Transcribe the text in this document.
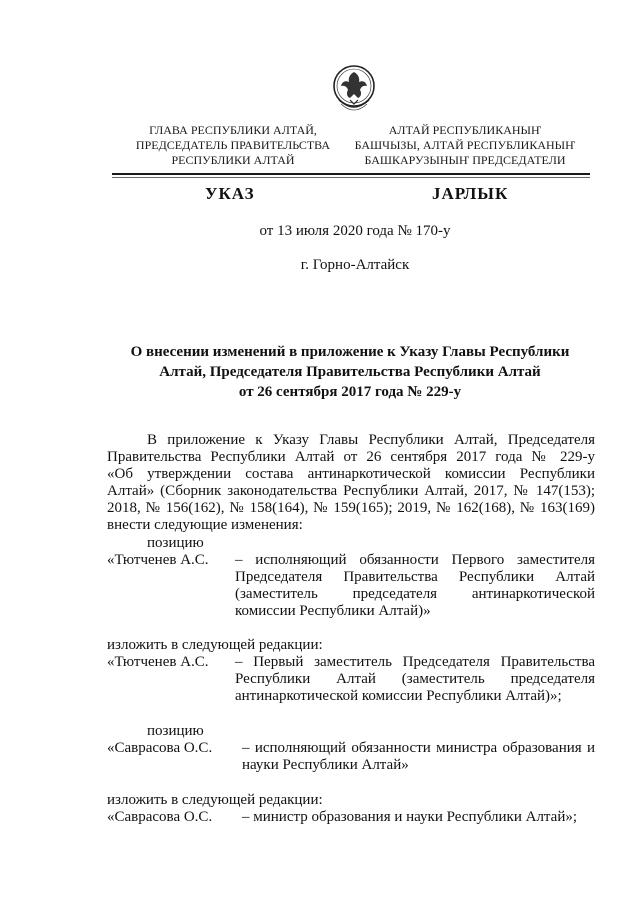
ГЛАВА РЕСПУБЛИКИ АЛТАЙ,
ПРЕДСЕДАТЕЛЬ ПРАВИТЕЛЬСТВА
РЕСПУБЛИКИ АЛТАЙ
АЛТАЙ РЕСПУБЛИКАНЫҤ
БАШЧЫЗЫ, АЛТАЙ РЕСПУБЛИКАНЫҤ
БАШКАРУЗЫНЫҤ ПРЕДСЕДАТЕЛИ
УКАЗ	JАРЛЫК
от 13 июля 2020 года № 170-у
г. Горно-Алтайск
О внесении изменений в приложение к Указу Главы Республики
Алтай, Председателя Правительства Республики Алтай
от 26 сентября 2017 года № 229-у
В приложение к Указу Главы Республики Алтай, Председателя
Правительства Республики Алтай от 26 сентября 2017 года № 229-у
«Об утверждении состава антинаркотической комиссии Республики
Алтай» (Сборник законодательства Республики Алтай, 2017, № 147(153);
2018, № 156(162), № 158(164), № 159(165); 2019, № 162(168), № 163(169)
внести следующие изменения:
позицию
«Тютченев А.С. – исполняющий обязанности Первого заместителя
Председателя Правительства Республики Алтай
(заместитель председателя антинаркотической
комиссии Республики Алтай)»
изложить в следующей редакции:
«Тютченев А.С. – Первый заместитель Председателя Правительства
Республики Алтай (заместитель председателя
антинаркотической комиссии Республики Алтай)»;
позицию
«Саврасова О.С. – исполняющий обязанности министра образования и
науки Республики Алтай»
изложить в следующей редакции:
«Саврасова О.С. – министр образования и науки Республики Алтай»;
